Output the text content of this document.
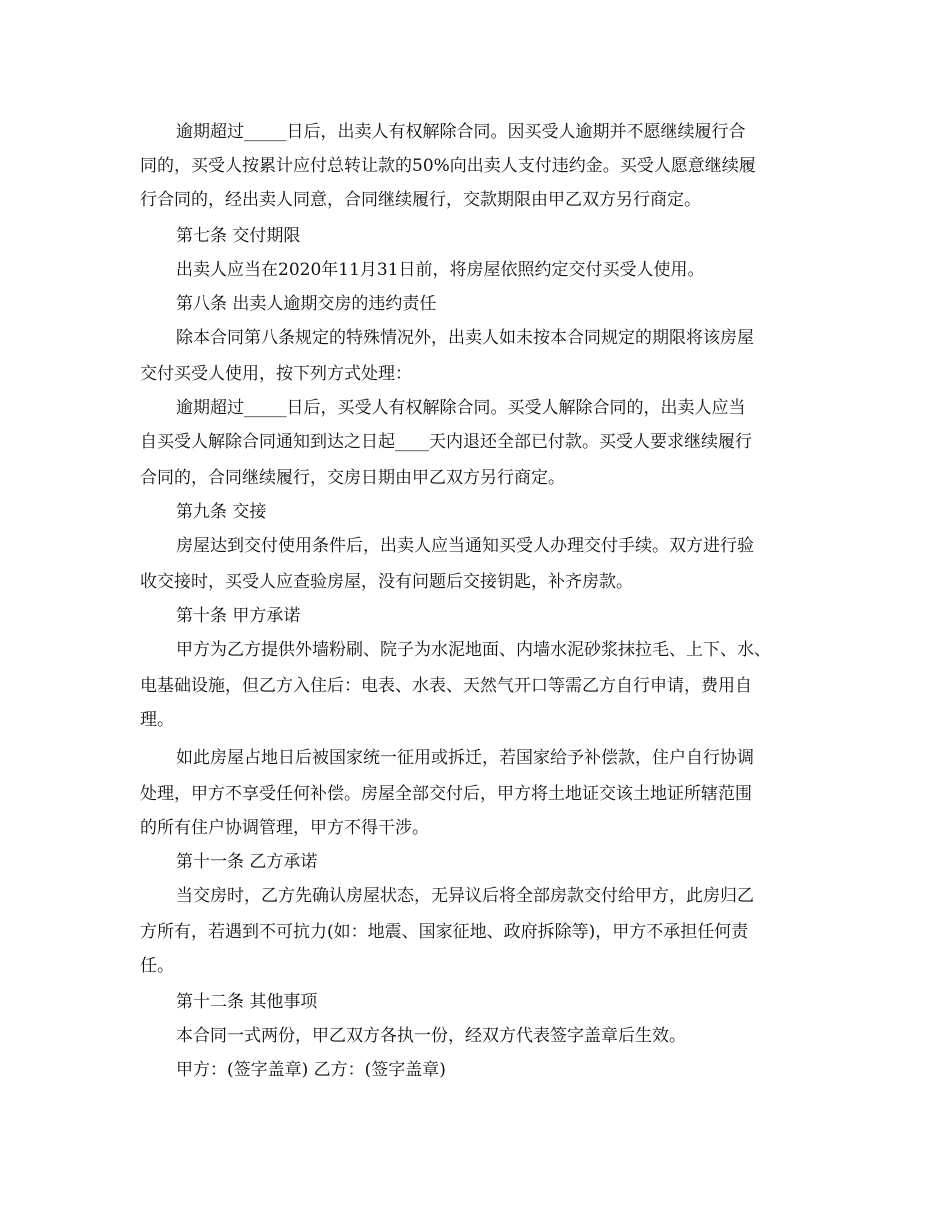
逾期超过_____日后，出卖人有权解除合同。因买受人逾期并不愿继续履行合
同的，买受人按累计应付总转让款的50%向出卖人支付违约金。买受人愿意继续履
行合同的，经出卖人同意，合同继续履行，交款期限由甲乙双方另行商定。
第七条 交付期限
出卖人应当在2020年11月31日前，将房屋依照约定交付买受人使用。
第八条 出卖人逾期交房的违约责任
除本合同第八条规定的特殊情况外，出卖人如未按本合同规定的期限将该房屋
交付买受人使用，按下列方式处理：
逾期超过_____日后，买受人有权解除合同。买受人解除合同的，出卖人应当
自买受人解除合同通知到达之日起____天内退还全部已付款。买受人要求继续履行
合同的，合同继续履行，交房日期由甲乙双方另行商定。
第九条 交接
房屋达到交付使用条件后，出卖人应当通知买受人办理交付手续。双方进行验
收交接时，买受人应查验房屋，没有问题后交接钥匙，补齐房款。
第十条 甲方承诺
甲方为乙方提供外墙粉刷、院子为水泥地面、内墙水泥砂浆抹拉毛、上下、水、
电基础设施，但乙方入住后：电表、水表、天然气开口等需乙方自行申请，费用自
理。
如此房屋占地日后被国家统一征用或拆迁，若国家给予补偿款，住户自行协调
处理，甲方不享受任何补偿。房屋全部交付后，甲方将土地证交该土地证所辖范围
的所有住户协调管理，甲方不得干涉。
第十一条 乙方承诺
当交房时，乙方先确认房屋状态，无异议后将全部房款交付给甲方，此房归乙
方所有，若遇到不可抗力(如：地震、国家征地、政府拆除等)，甲方不承担任何责
任。
第十二条 其他事项
本合同一式两份，甲乙双方各执一份，经双方代表签字盖章后生效。
甲方：(签字盖章) 乙方：(签字盖章)
